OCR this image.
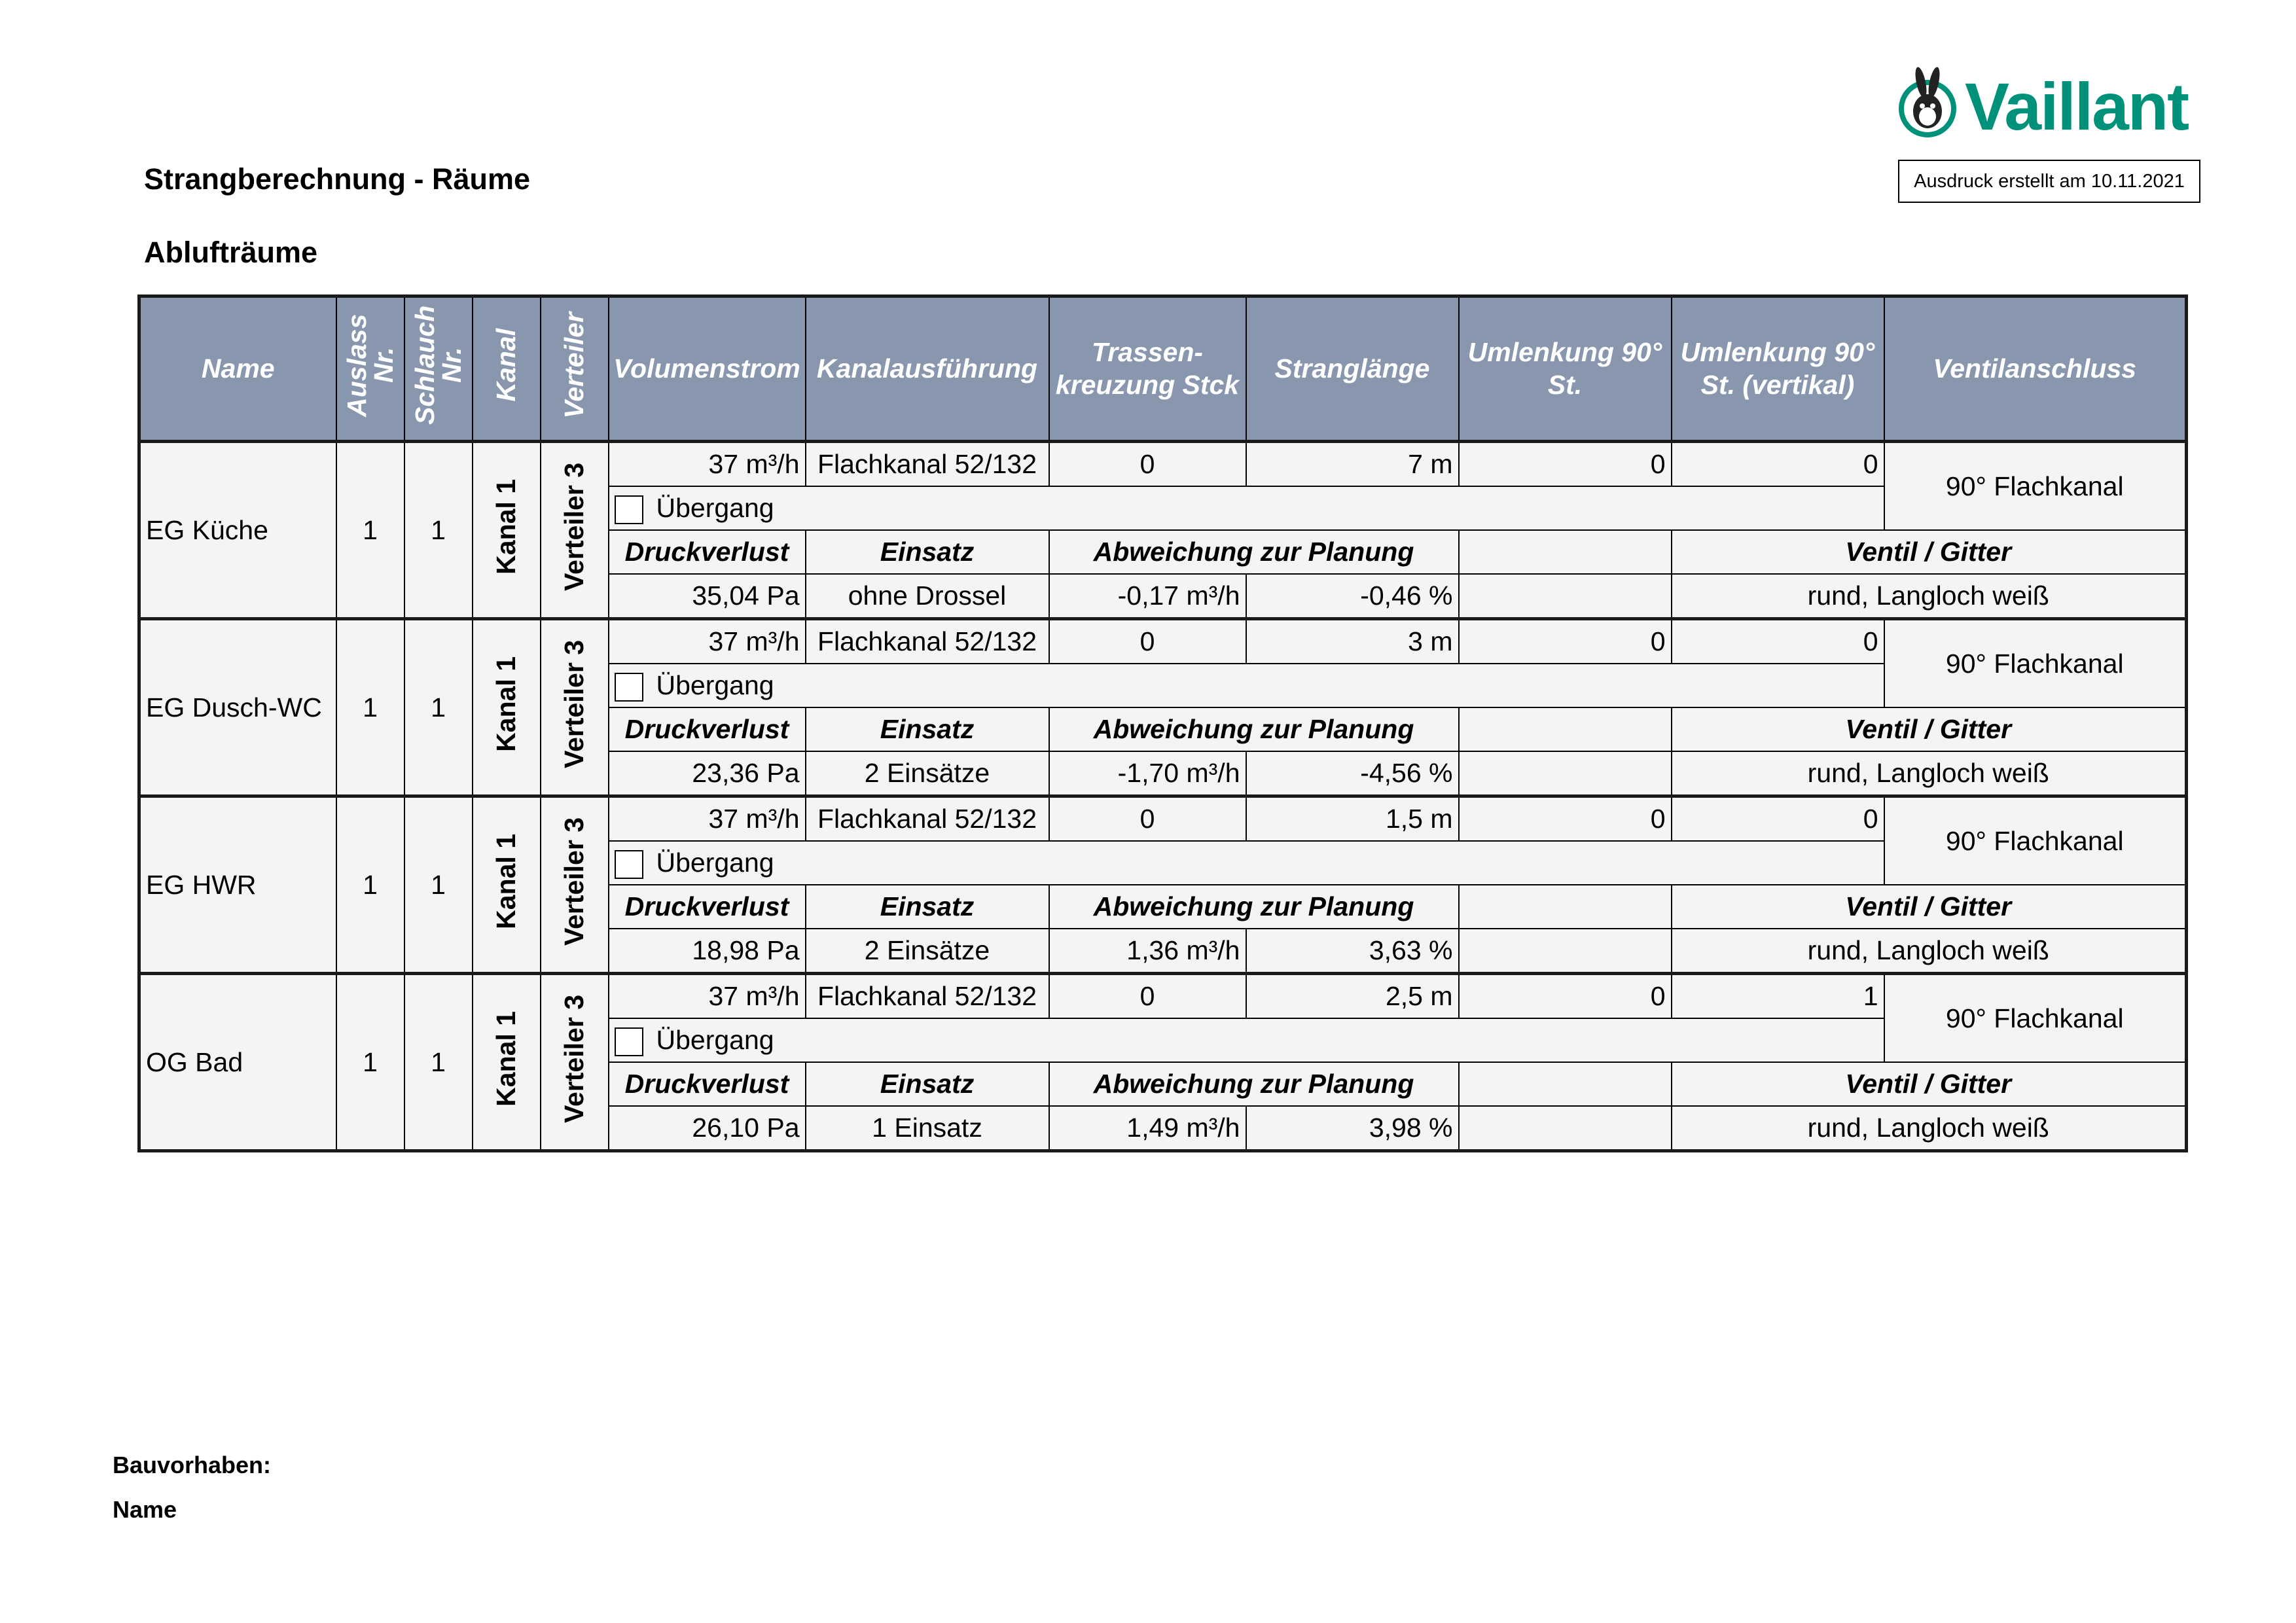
Vaillant
Ausdruck erstellt am 10.11.2021
Strangberechnung - Räume
Ablufträume
Name	Auslass Nr.	Schlauch Nr.	Kanal	Verteiler	Volumenstrom	Kanalausführung	Trassen-kreuzung Stck	Stranglänge	Umlenkung 90° St.	Umlenkung 90° St. (vertikal)	Ventilanschluss
EG Küche	1	1	Kanal 1	Verteiler 3	37 m³/h	Flachkanal 52/132	0	7 m	0	0	90° Flachkanal
					Übergang						
					Druckverlust	Einsatz	Abweichung zur Planung			Ventil / Gitter	
					35,04 Pa	ohne Drossel	-0,17 m³/h	-0,46 %		rund, Langloch weiß	
EG Dusch-WC	1	1	Kanal 1	Verteiler 3	37 m³/h	Flachkanal 52/132	0	3 m	0	0	90° Flachkanal
					Übergang						
					Druckverlust	Einsatz	Abweichung zur Planung			Ventil / Gitter	
					23,36 Pa	2 Einsätze	-1,70 m³/h	-4,56 %		rund, Langloch weiß	
EG HWR	1	1	Kanal 1	Verteiler 3	37 m³/h	Flachkanal 52/132	0	1,5 m	0	0	90° Flachkanal
					Übergang						
					Druckverlust	Einsatz	Abweichung zur Planung			Ventil / Gitter	
					18,98 Pa	2 Einsätze	1,36 m³/h	3,63 %		rund, Langloch weiß	
OG Bad	1	1	Kanal 1	Verteiler 3	37 m³/h	Flachkanal 52/132	0	2,5 m	0	1	90° Flachkanal
					Übergang						
					Druckverlust	Einsatz	Abweichung zur Planung			Ventil / Gitter	
					26,10 Pa	1 Einsatz	1,49 m³/h	3,98 %		rund, Langloch weiß	
Bauvorhaben:
Name
